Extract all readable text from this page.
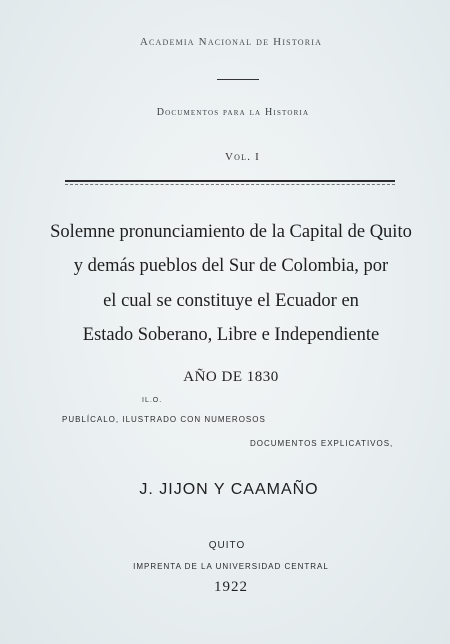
Academia Nacional de Historia
Documentos para la Historia
Vol. I
Solemne pronunciamiento de la Capital de Quito
y demás pueblos del Sur de Colombia, por
el cual se constituye el Ecuador en
Estado Soberano, Libre e Independiente
AÑO DE 1830
IL.O.
PUBLÍCALO, ILUSTRADO CON NUMEROSOS
DOCUMENTOS EXPLICATIVOS,
J. JIJON Y CAAMAÑO
QUITO
IMPRENTA DE LA UNIVERSIDAD CENTRAL
1922
